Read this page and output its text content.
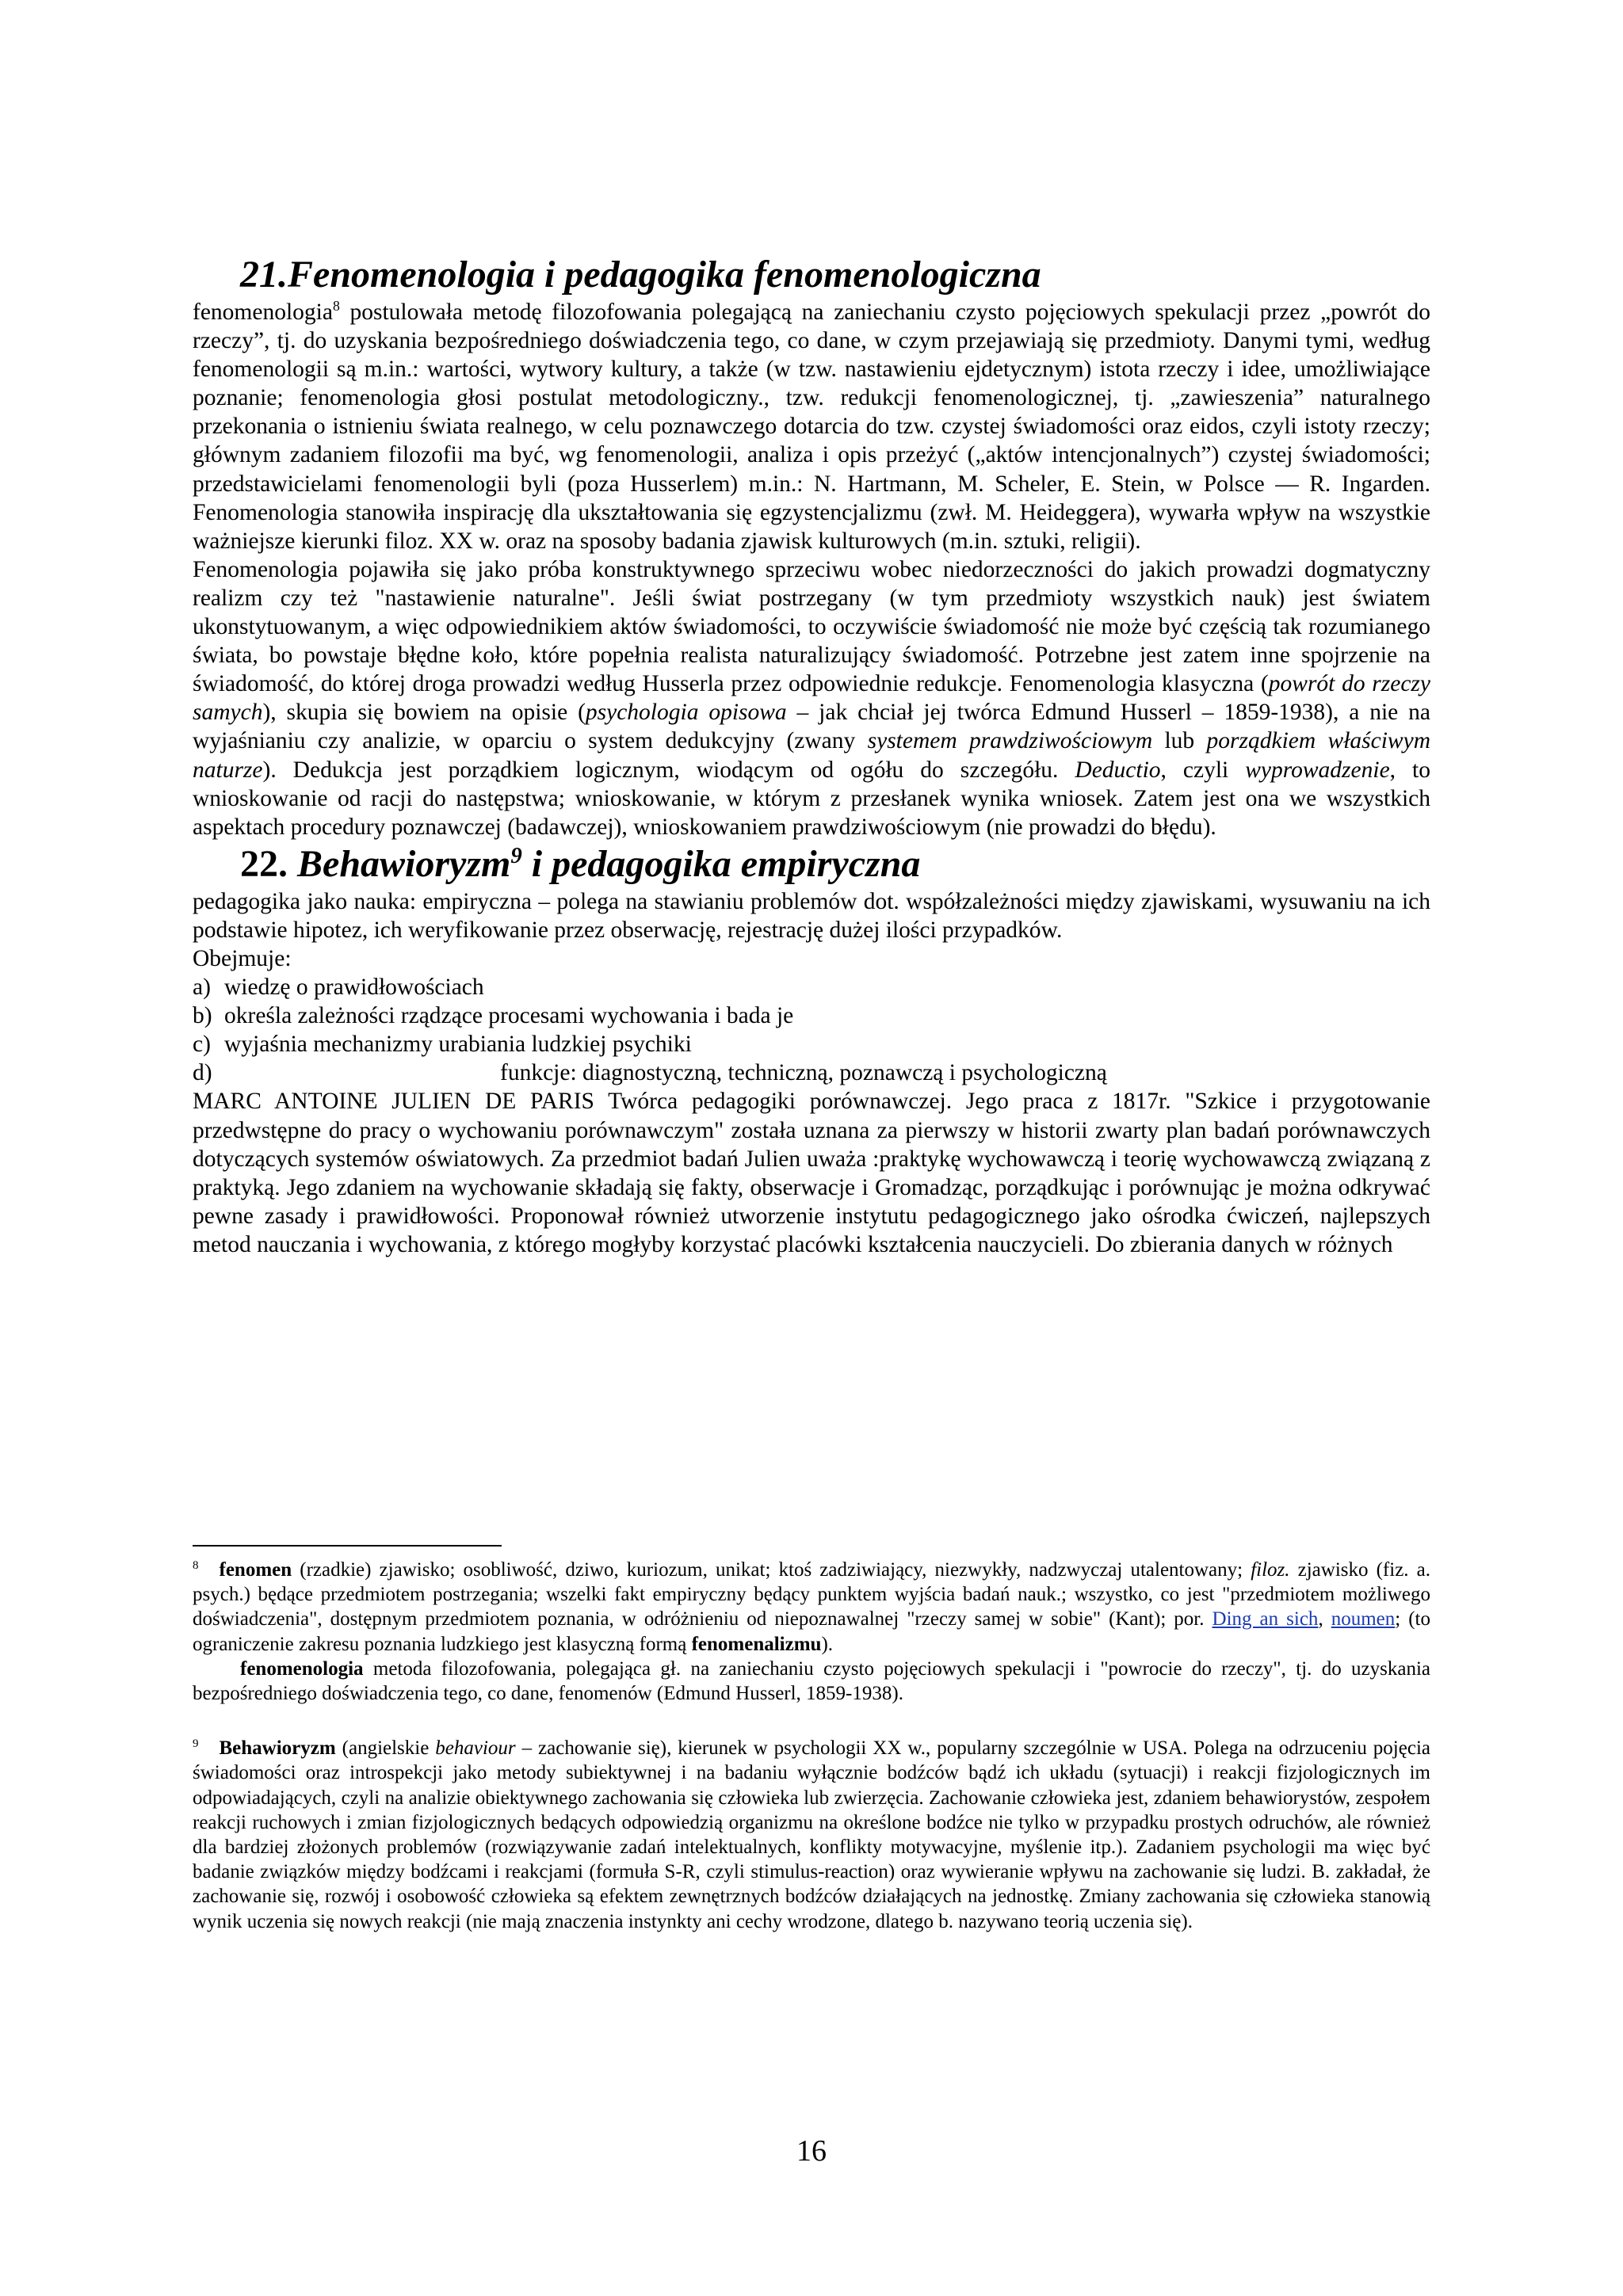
21.Fenomenologia i pedagogika fenomenologiczna

fenomenologia$^8$ postulowała metodę filozofowania polegającą na zaniechaniu czysto pojęciowych spekulacji przez „powrót do rzeczy”, tj. do uzyskania bezpośredniego doświadczenia tego, co dane, w czym przejawiają się przedmioty. Danymi tymi, według fenomenologii są m.in.: wartości, wytwory kultury, a także (w tzw. nastawieniu ejdetycznym) istota rzeczy i idee, umożliwiające poznanie; fenomenologia głosi postulat metodologiczny., tzw. redukcji fenomenologicznej, tj. „zawieszenia” naturalnego przekonania o istnieniu świata realnego, w celu poznawczego dotarcia do tzw. czystej świadomości oraz eidos, czyli istoty rzeczy; głównym zadaniem filozofii ma być, wg fenomenologii, analiza i opis przeżyć („aktów intencjonalnych”) czystej świadomości; przedstawicielami fenomenologii byli (poza Husserlem) m.in.: N. Hartmann, M. Scheler, E. Stein, w Polsce — R. Ingarden. Fenomenologia stanowiła inspirację dla ukształtowania się egzystencjalizmu (zwł. M. Heideggera), wywarła wpływ na wszystkie ważniejsze kierunki filoz. XX w. oraz na sposoby badania zjawisk kulturowych (m.in. sztuki, religii).

Fenomenologia pojawiła się jako próba konstruktywnego sprzeciwu wobec niedorzeczności do jakich prowadzi dogmatyczny realizm czy też "nastawienie naturalne". Jeśli świat postrzegany (w tym przedmioty wszystkich nauk) jest światem ukonstytuowanym, a więc odpowiednikiem aktów świadomości, to oczywiście świadomość nie może być częścią tak rozumianego świata, bo powstaje błędne koło, które popełnia realista naturalizujący świadomość. Potrzebne jest zatem inne spojrzenie na świadomość, do której droga prowadzi według Husserla przez odpowiednie redukcje. Fenomenologia klasyczna (powrót do rzeczy samych), skupia się bowiem na opisie (psychologia opisowa – jak chciał jej twórca Edmund Husserl – 1859-1938), a nie na wyjaśnianiu czy analizie, w oparciu o system dedukcyjny (zwany systemem prawdziwościowym lub porządkiem właściwym naturze). Dedukcja jest porządkiem logicznym, wiodącym od ogółu do szczegółu. Deductio, czyli wyprowadzenie, to wnioskowanie od racji do następstwa; wnioskowanie, w którym z przesłanek wynika wniosek. Zatem jest ona we wszystkich aspektach procedury poznawczej (badawczej), wnioskowaniem prawdziwościowym (nie prowadzi do błędu).

22. Behawioryzm$^9$ i pedagogika empiryczna

pedagogika jako nauka: empiryczna – polega na stawianiu problemów dot. współzależności między zjawiskami, wysuwaniu na ich podstawie hipotez, ich weryfikowanie przez obserwację, rejestrację dużej ilości przypadków.

Obejmuje:

a) wiedzę o prawidłowościach
b) określa zależności rządzące procesami wychowania i bada je
c) wyjaśnia mechanizmy urabiania ludzkiej psychiki
d)	funkcje: diagnostyczną, techniczną, poznawczą i psychologiczną

MARC ANTOINE JULIEN DE PARIS Twórca pedagogiki porównawczej. Jego praca z 1817r. "Szkice i przygotowanie przedwstępne do pracy o wychowaniu porównawczym" została uznana za pierwszy w historii zwarty plan badań porównawczych dotyczących systemów oświatowych. Za przedmiot badań Julien uważa :praktykę wychowawczą i teorię wychowawczą związaną z praktyką. Jego zdaniem na wychowanie składają się fakty, obserwacje i Gromadząc, porządkując i porównując je można odkrywać pewne zasady i prawidłowości. Proponował również utworzenie instytutu pedagogicznego jako ośrodka ćwiczeń, najlepszych metod nauczania i wychowania, z którego mogłyby korzystać placówki kształcenia nauczycieli. Do zbierania danych w różnych

$^8$ fenomen (rzadkie) zjawisko; osobliwość, dziwo, kuriozum, unikat; ktoś zadziwiający, niezwykły, nadzwyczaj utalentowany; filoz. zjawisko (fiz. a. psych.) będące przedmiotem postrzegania; wszelki fakt empiryczny będący punktem wyjścia badań nauk.; wszystko, co jest "przedmiotem możliwego doświadczenia", dostępnym przedmiotem poznania, w odróżnieniu od niepoznawalnej "rzeczy samej w sobie" (Kant); por. Ding an sich, noumen; (to ograniczenie zakresu poznania ludzkiego jest klasyczną formą fenomenalizmu).

fenomenologia metoda filozofowania, polegająca gł. na zaniechaniu czysto pojęciowych spekulacji i "powrocie do rzeczy", tj. do uzyskania bezpośredniego doświadczenia tego, co dane, fenomenów (Edmund Husserl, 1859-1938).

$^9$ Behawioryzm (angielskie behaviour – zachowanie się), kierunek w psychologii XX w., popularny szczególnie w USA. Polega na odrzuceniu pojęcia świadomości oraz introspekcji jako metody subiektywnej i na badaniu wyłącznie bodźców bądź ich układu (sytuacji) i reakcji fizjologicznych im odpowiadających, czyli na analizie obiektywnego zachowania się człowieka lub zwierzęcia. Zachowanie człowieka jest, zdaniem behawiorystów, zespołem reakcji ruchowych i zmian fizjologicznych bedących odpowiedzią organizmu na określone bodźce nie tylko w przypadku prostych odruchów, ale również dla bardziej złożonych problemów (rozwiązywanie zadań intelektualnych, konflikty motywacyjne, myślenie itp.). Zadaniem psychologii ma więc być badanie związków między bodźcami i reakcjami (formuła S-R, czyli stimulus-reaction) oraz wywieranie wpływu na zachowanie się ludzi. B. zakładał, że zachowanie się, rozwój i osobowość człowieka są efektem zewnętrznych bodźców działających na jednostkę. Zmiany zachowania się człowieka stanowią wynik uczenia się nowych reakcji (nie mają znaczenia instynkty ani cechy wrodzone, dlatego b. nazywano teorią uczenia się).

16
